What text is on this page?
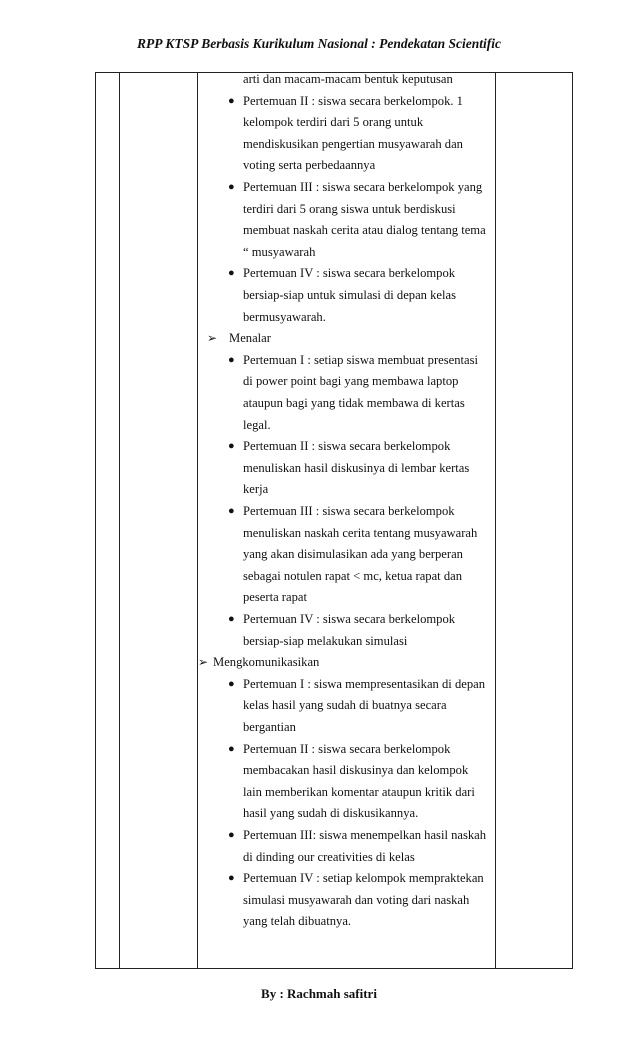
RPP KTSP Berbasis Kurikulum Nasional : Pendekatan Scientific
arti dan macam-macam bentuk keputusan
● Pertemuan II : siswa secara berkelompok. 1
kelompok terdiri dari 5 orang untuk
mendiskusikan pengertian musyawarah dan
voting serta perbedaannya
● Pertemuan III : siswa secara berkelompok yang
terdiri dari 5 orang siswa untuk berdiskusi
membuat naskah cerita atau dialog tentang tema
“ musyawarah
● Pertemuan IV : siswa secara berkelompok
bersiap-siap untuk simulasi di depan kelas
bermusyawarah.
➢ Menalar
● Pertemuan I : setiap siswa membuat presentasi
di power point bagi yang membawa laptop
ataupun bagi yang tidak membawa di kertas
legal.
● Pertemuan II : siswa secara berkelompok
menuliskan hasil diskusinya di lembar kertas
kerja
● Pertemuan III : siswa secara berkelompok
menuliskan naskah cerita tentang musyawarah
yang akan disimulasikan ada yang berperan
sebagai notulen rapat < mc, ketua rapat dan
peserta rapat
● Pertemuan IV : siswa secara berkelompok
bersiap-siap melakukan simulasi
➢ Mengkomunikasikan
● Pertemuan I : siswa mempresentasikan di depan
kelas hasil yang sudah di buatnya secara
bergantian
● Pertemuan II : siswa secara berkelompok
membacakan hasil diskusinya dan kelompok
lain memberikan komentar ataupun kritik dari
hasil yang sudah di diskusikannya.
● Pertemuan III: siswa menempelkan hasil naskah
di dinding our creativities di kelas
● Pertemuan IV : setiap kelompok mempraktekan
simulasi musyawarah dan voting dari naskah
yang telah dibuatnya.
By : Rachmah safitri
